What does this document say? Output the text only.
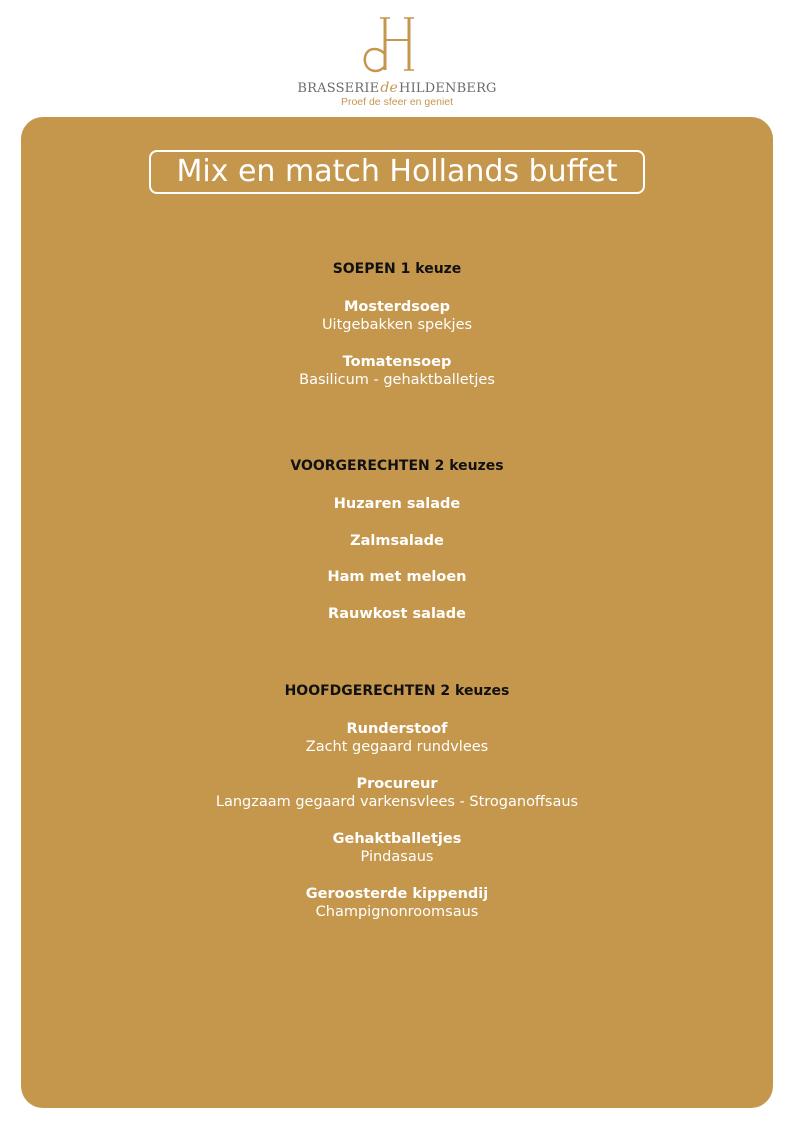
BRASSERIEdeHILDENBERG
Proef de sfeer en geniet
Mix en match Hollands buffet
SOEPEN 1 keuze
Mosterdsoep
Uitgebakken spekjes
Tomatensoep
Basilicum - gehaktballetjes
VOORGERECHTEN 2 keuzes
Huzaren salade
Zalmsalade
Ham met meloen
Rauwkost salade
HOOFDGERECHTEN 2 keuzes
Runderstoof
Zacht gegaard rundvlees
Procureur
Langzaam gegaard varkensvlees - Stroganoffsaus
Gehaktballetjes
Pindasaus
Geroosterde kippendij
Champignonroomsaus
